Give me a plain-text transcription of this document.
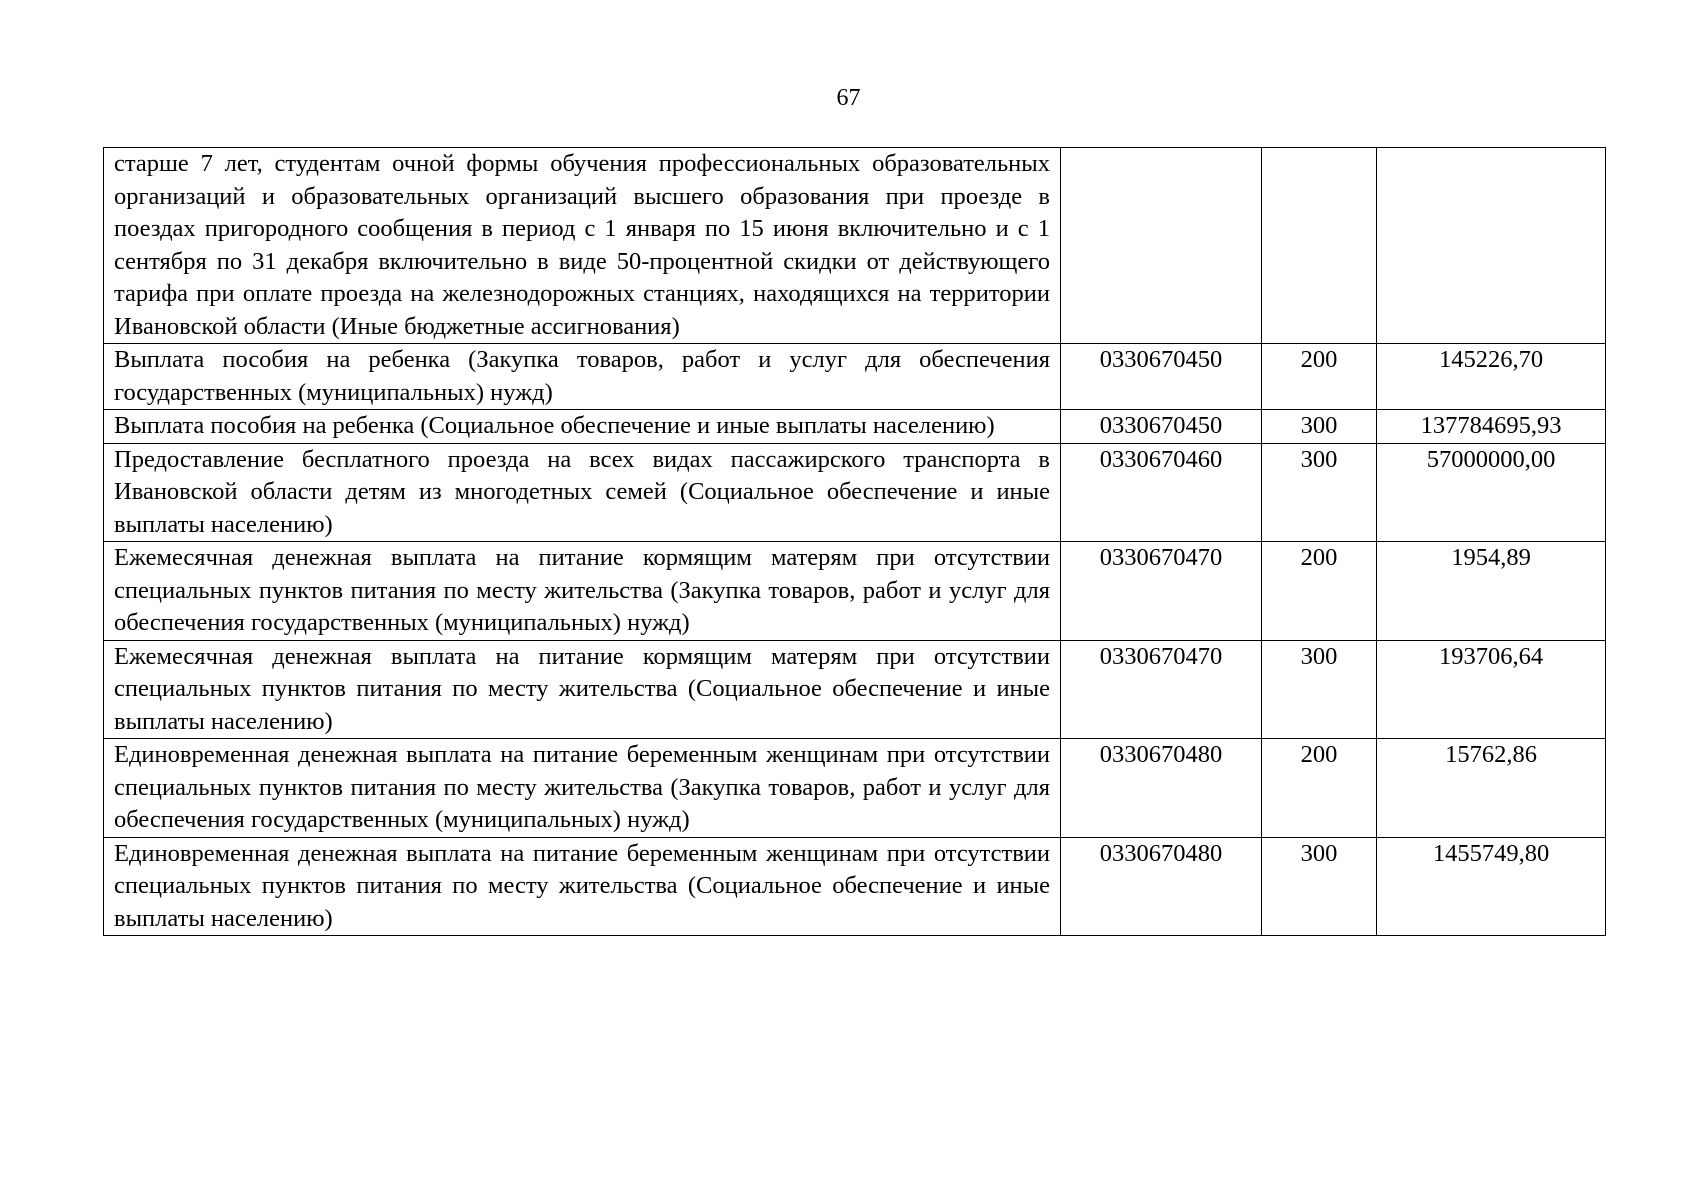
67
старше 7 лет, студентам очной формы обучения профессиональных образовательных организаций и образовательных организаций высшего образования при проезде в поездах пригородного сообщения в период с 1 января по 15 июня включительно и с 1 сентября по 31 декабря включительно в виде 50-процентной скидки от действующего тарифа при оплате проезда на железнодорожных станциях, находящихся на территории Ивановской области (Иные бюджетные ассигнования)			
Выплата пособия на ребенка (Закупка товаров, работ и услуг для обеспечения государственных (муниципальных) нужд)	0330670450	200	145226,70
Выплата пособия на ребенка (Социальное обеспечение и иные выплаты населению)	0330670450	300	137784695,93
Предоставление бесплатного проезда на всех видах пассажирского транспорта в Ивановской области детям из многодетных семей (Социальное обеспечение и иные выплаты населению)	0330670460	300	57000000,00
Ежемесячная денежная выплата на питание кормящим матерям при отсутствии специальных пунктов питания по месту жительства (Закупка товаров, работ и услуг для обеспечения государственных (муниципальных) нужд)	0330670470	200	1954,89
Ежемесячная денежная выплата на питание кормящим матерям при отсутствии специальных пунктов питания по месту жительства (Социальное обеспечение и иные выплаты населению)	0330670470	300	193706,64
Единовременная денежная выплата на питание беременным женщинам при отсутствии специальных пунктов питания по месту жительства (Закупка товаров, работ и услуг для обеспечения государственных (муниципальных) нужд)	0330670480	200	15762,86
Единовременная денежная выплата на питание беременным женщинам при отсутствии специальных пунктов питания по месту жительства (Социальное обеспечение и иные выплаты населению)	0330670480	300	1455749,80
